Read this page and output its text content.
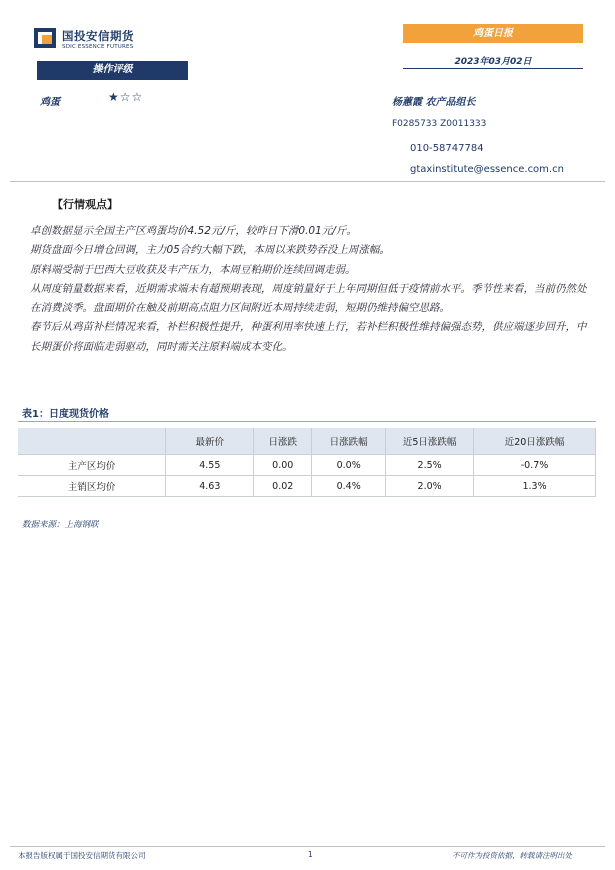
国投安信期货
SDIC ESSENCE FUTURES
鸡蛋日报
2023年03月02日
操作评级
鸡蛋	★☆☆	杨蕙霞 农产品组长
F0285733 Z0011333
010-58747784
gtaxinstitute@essence.com.cn
【行情观点】

卓创数据显示全国主产区鸡蛋均价4.52元/斤，较昨日下滑0.01元/斤。

期货盘面今日增仓回调，主力05合约大幅下跌，本周以来跌势吞没上周涨幅。

原料端受制于巴西大豆收获及丰产压力，本周豆粕期价连续回调走弱。

从周度销量数据来看，近期需求端未有超预期表现，周度销量好于上年同期但低于疫情前水平。季节性来看，当前仍然处在消费淡季。盘面期价在触及前期高点阻力区间附近本周持续走弱，短期仍维持偏空思路。

春节后从鸡苗补栏情况来看，补栏积极性提升，种蛋利用率快速上行，若补栏积极性维持偏强态势，供应端逐步回升，中长期蛋价将面临走弱驱动，同时需关注原料端成本变化。

表1：日度现货价格
	最新价	日涨跌	日涨跌幅	近5日涨跌幅	近20日涨跌幅
主产区均价	4.55	0.00	0.0%	2.5%	-0.7%
主销区均价	4.63	0.02	0.4%	2.0%	1.3%
数据来源：上海钢联
本报告版权属于国投安信期货有限公司	1	不可作为投资依据，转载请注明出处
